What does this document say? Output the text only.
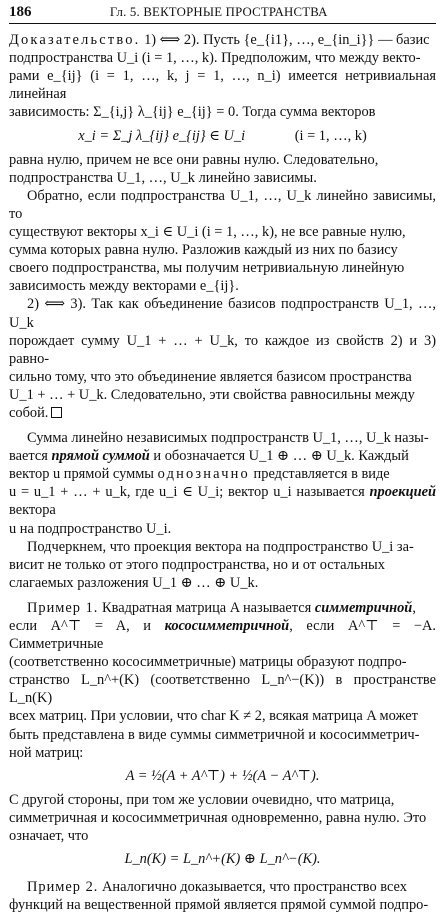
186	Гл. 5. ВЕКТОРНЫЕ ПРОСТРАНСТВА

Доказательство. 1) ⟺ 2). Пусть {e_{i1}, …, e_{in_i}} — базис

подпространства U_i (i = 1, …, k). Предположим, что между векто-

рами e_{ij} (i = 1, …, k, j = 1, …, n_i) имеется нетривиальная линейная

зависимость: Σ_{i,j} λ_{ij} e_{ij} = 0. Тогда сумма векторов

x_i = Σ_j λ_{ij} e_{ij} ∈ U_i	(i = 1, …, k)

равна нулю, причем не все они равны нулю. Следовательно,

подпространства U_1, …, U_k линейно зависимы.

Обратно, если подпространства U_1, …, U_k линейно зависимы, то

существуют векторы x_i ∈ U_i (i = 1, …, k), не все равные нулю,

сумма которых равна нулю. Разложив каждый из них по базису

своего подпространства, мы получим нетривиальную линейную

зависимость между векторами e_{ij}.

2) ⟺ 3). Так как объединение базисов подпространств U_1, …, U_k

порождает сумму U_1 + … + U_k, то каждое из свойств 2) и 3) равно-

сильно тому, что это объединение является базисом пространства

U_1 + … + U_k. Следовательно, эти свойства равносильны между

собой.

Сумма линейно независимых подпространств U_1, …, U_k назы-

вается прямой суммой и обозначается U_1 ⊕ … ⊕ U_k. Каждый

вектор u прямой суммы однозначно представляется в виде

u = u_1 + … + u_k, где u_i ∈ U_i; вектор u_i называется проекцией вектора

u на подпространство U_i.

Подчеркнем, что проекция вектора на подпространство U_i за-

висит не только от этого подпространства, но и от остальных

слагаемых разложения U_1 ⊕ … ⊕ U_k.

Пример 1. Квадратная матрица A называется симметричной,

если A^⊤ = A, и кососимметричной, если A^⊤ = −A. Симметричные

(соответственно кососимметричные) матрицы образуют подпро-

странство L_n^+(K) (соответственно L_n^−(K)) в пространстве L_n(K)

всех матриц. При условии, что char K ≠ 2, всякая матрица A может

быть представлена в виде суммы симметричной и кососимметрич-

ной матриц:

A = ½(A + A^⊤) + ½(A − A^⊤).

С другой стороны, при том же условии очевидно, что матрица,

симметричная и кососимметричная одновременно, равна нулю. Это

означает, что

L_n(K) = L_n^+(K) ⊕ L_n^−(K).

Пример 2. Аналогично доказывается, что пространство всех

функций на вещественной прямой является прямой суммой подпро-
